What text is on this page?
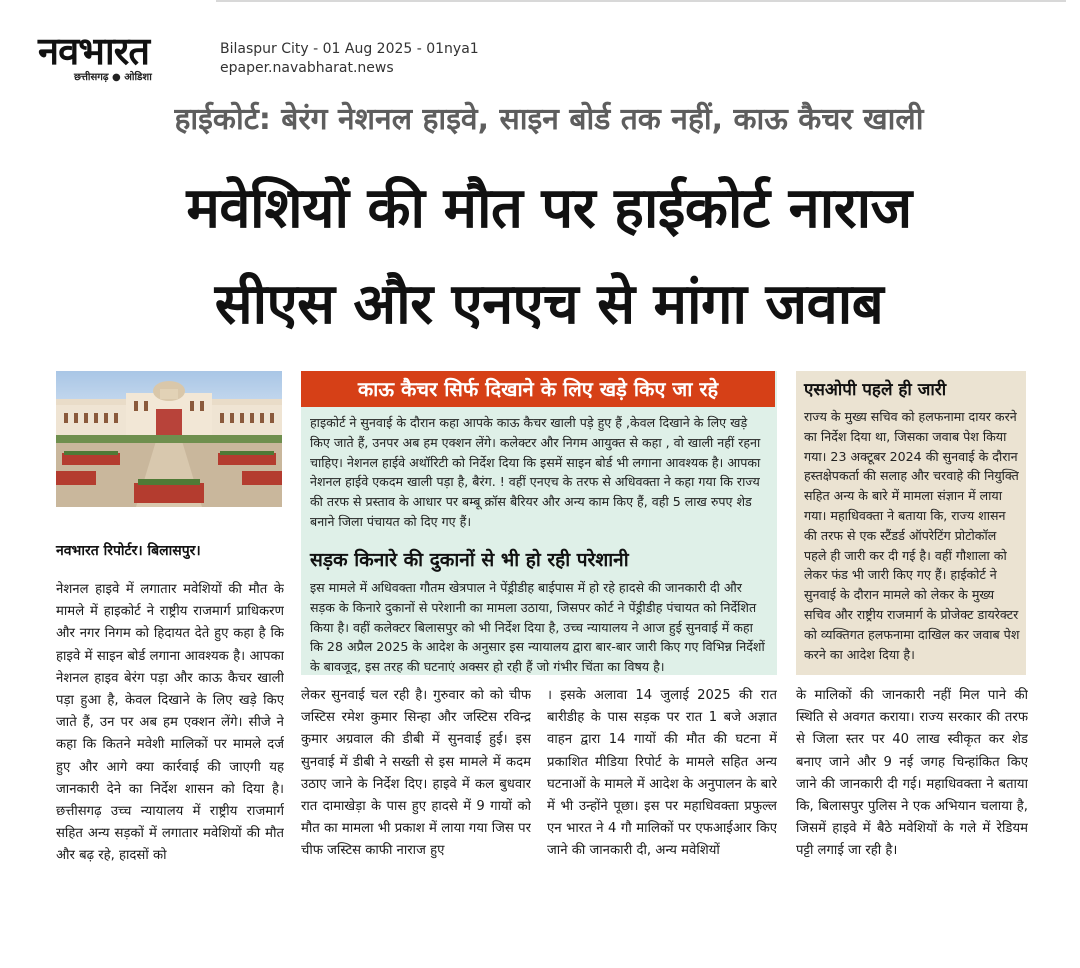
नवभारत
छत्तीसगढ़ ● ओडिशा
Bilaspur City - 01 Aug 2025 - 01nya1
epaper.navabharat.news
हाईकोर्ट: बेरंग नेशनल हाइवे, साइन बोर्ड तक नहीं, काऊ कैचर खाली
मवेशियों की मौत पर हाईकोर्ट नाराज
सीएस और एनएच से मांगा जवाब
नवभारत रिपोर्टर। बिलासपुर।
नेशनल हाइवे में लगातार मवेशियों की मौत के मामले में हाइकोर्ट ने राष्ट्रीय राजमार्ग प्राधिकरण और नगर निगम को हिदायत देते हुए कहा है कि हाइवे में साइन बोर्ड लगाना आवश्यक है। आपका नेशनल हाइव बेरंग पड़ा और काऊ कैचर खाली पड़ा हुआ है, केवल दिखाने के लिए खड़े किए जाते हैं, उन पर अब हम एक्शन लेंगे। सीजे ने कहा कि कितने मवेशी मालिकों पर मामले दर्ज हुए और आगे क्या कार्रवाई की जाएगी यह जानकारी देने का निर्देश शासन को दिया है। छत्तीसगढ़ उच्च न्यायालय में राष्ट्रीय राजमार्ग सहित अन्य सड़कों में लगातार मवेशियों की मौत और बढ़ रहे, हादसों को
लेकर सुनवाई चल रही है। गुरुवार को को चीफ जस्टिस रमेश कुमार सिन्हा और जस्टिस रविन्द्र कुमार अग्रवाल की डीबी में सुनवाई हुई। इस सुनवाई में डीबी ने सख्ती से इस मामले में कदम उठाए जाने के निर्देश दिए। हाइवे में कल बुधवार रात दामाखेड़ा के पास हुए हादसे में 9 गायों को मौत का मामला भी प्रकाश में लाया गया जिस पर चीफ जस्टिस काफी नाराज हुए
। इसके अलावा 14 जुलाई 2025 की रात बारीडीह के पास सड़क पर रात 1 बजे अज्ञात वाहन द्वारा 14 गायों की मौत की घटना में प्रकाशित मीडिया रिपोर्ट के मामले सहित अन्य घटनाओं के मामले में आदेश के अनुपालन के बारे में भी उन्होंने पूछा। इस पर महाधिवक्ता प्रफुल्ल एन भारत ने 4 गौ मालिकों पर एफआईआर किए जाने की जानकारी दी, अन्य मवेशियों
के मालिकों की जानकारी नहीं मिल पाने की स्थिति से अवगत कराया। राज्य सरकार की तरफ से जिला स्तर पर 40 लाख स्वीकृत कर शेड बनाए जाने और 9 नई जगह चिन्हांकित किए जाने की जानकारी दी गई। महाधिवक्ता ने बताया कि, बिलासपुर पुलिस ने एक अभियान चलाया है, जिसमें हाइवे में बैठे मवेशियों के गले में रेडियम पट्टी लगाई जा रही है।
काऊ कैचर सिर्फ दिखाने के लिए खड़े किए जा रहे
हाइकोर्ट ने सुनवाई के दौरान कहा आपके काऊ कैचर खाली पड़े हुए हैं ,केवल दिखाने के लिए खड़े किए जाते हैं, उनपर अब हम एक्शन लेंगे। कलेक्टर और निगम आयुक्त से कहा , वो खाली नहीं रहना चाहिए। नेशनल हाईवे अथॉरिटी को निर्देश दिया कि इसमें साइन बोर्ड भी लगाना आवश्यक है। आपका नेशनल हाईवे एकदम खाली पड़ा है, बैरंग. ! वहीं एनएच के तरफ से अधिवक्ता ने कहा गया कि राज्य की तरफ से प्रस्ताव के आधार पर बम्बू क्रॉस बैरियर और अन्य काम किए हैं, वही 5 लाख रुपए शेड बनाने जिला पंचायत को दिए गए हैं।
सड़क किनारे की दुकानों से भी हो रही परेशानी
इस मामले में अधिवक्ता गौतम खेत्रपाल ने पेंड्रीडीह बाईपास में हो रहे हादसे की जानकारी दी और सड़क के किनारे दुकानों से परेशानी का मामला उठाया, जिसपर कोर्ट ने पेंड्रीडीह पंचायत को निर्देशित किया है। वहीं कलेक्टर बिलासपुर को भी निर्देश दिया है, उच्च न्यायालय ने आज हुई सुनवाई में कहा कि 28 अप्रैल 2025 के आदेश के अनुसार इस न्यायालय द्वारा बार-बार जारी किए गए विभिन्न निर्देशों के बावजूद, इस तरह की घटनाएं अक्सर हो रही हैं जो गंभीर चिंता का विषय है।
एसओपी पहले ही जारी
राज्य के मुख्य सचिव को हलफनामा दायर करने का निर्देश दिया था, जिसका जवाब पेश किया गया। 23 अक्टूबर 2024 की सुनवाई के दौरान हस्तक्षेपकर्ता की सलाह और चरवाहे की नियुक्ति सहित अन्य के बारे में मामला संज्ञान में लाया गया। महाधिवक्ता ने बताया कि, राज्य शासन की तरफ से एक स्टैंडर्ड ऑपरेटिंग प्रोटोकॉल पहले ही जारी कर दी गई है। वहीं गौशाला को लेकर फंड भी जारी किए गए हैं। हाईकोर्ट ने सुनवाई के दौरान मामले को लेकर के मुख्य सचिव और राष्ट्रीय राजमार्ग के प्रोजेक्ट डायरेक्टर को व्यक्तिगत हलफनामा दाखिल कर जवाब पेश करने का आदेश दिया है।
